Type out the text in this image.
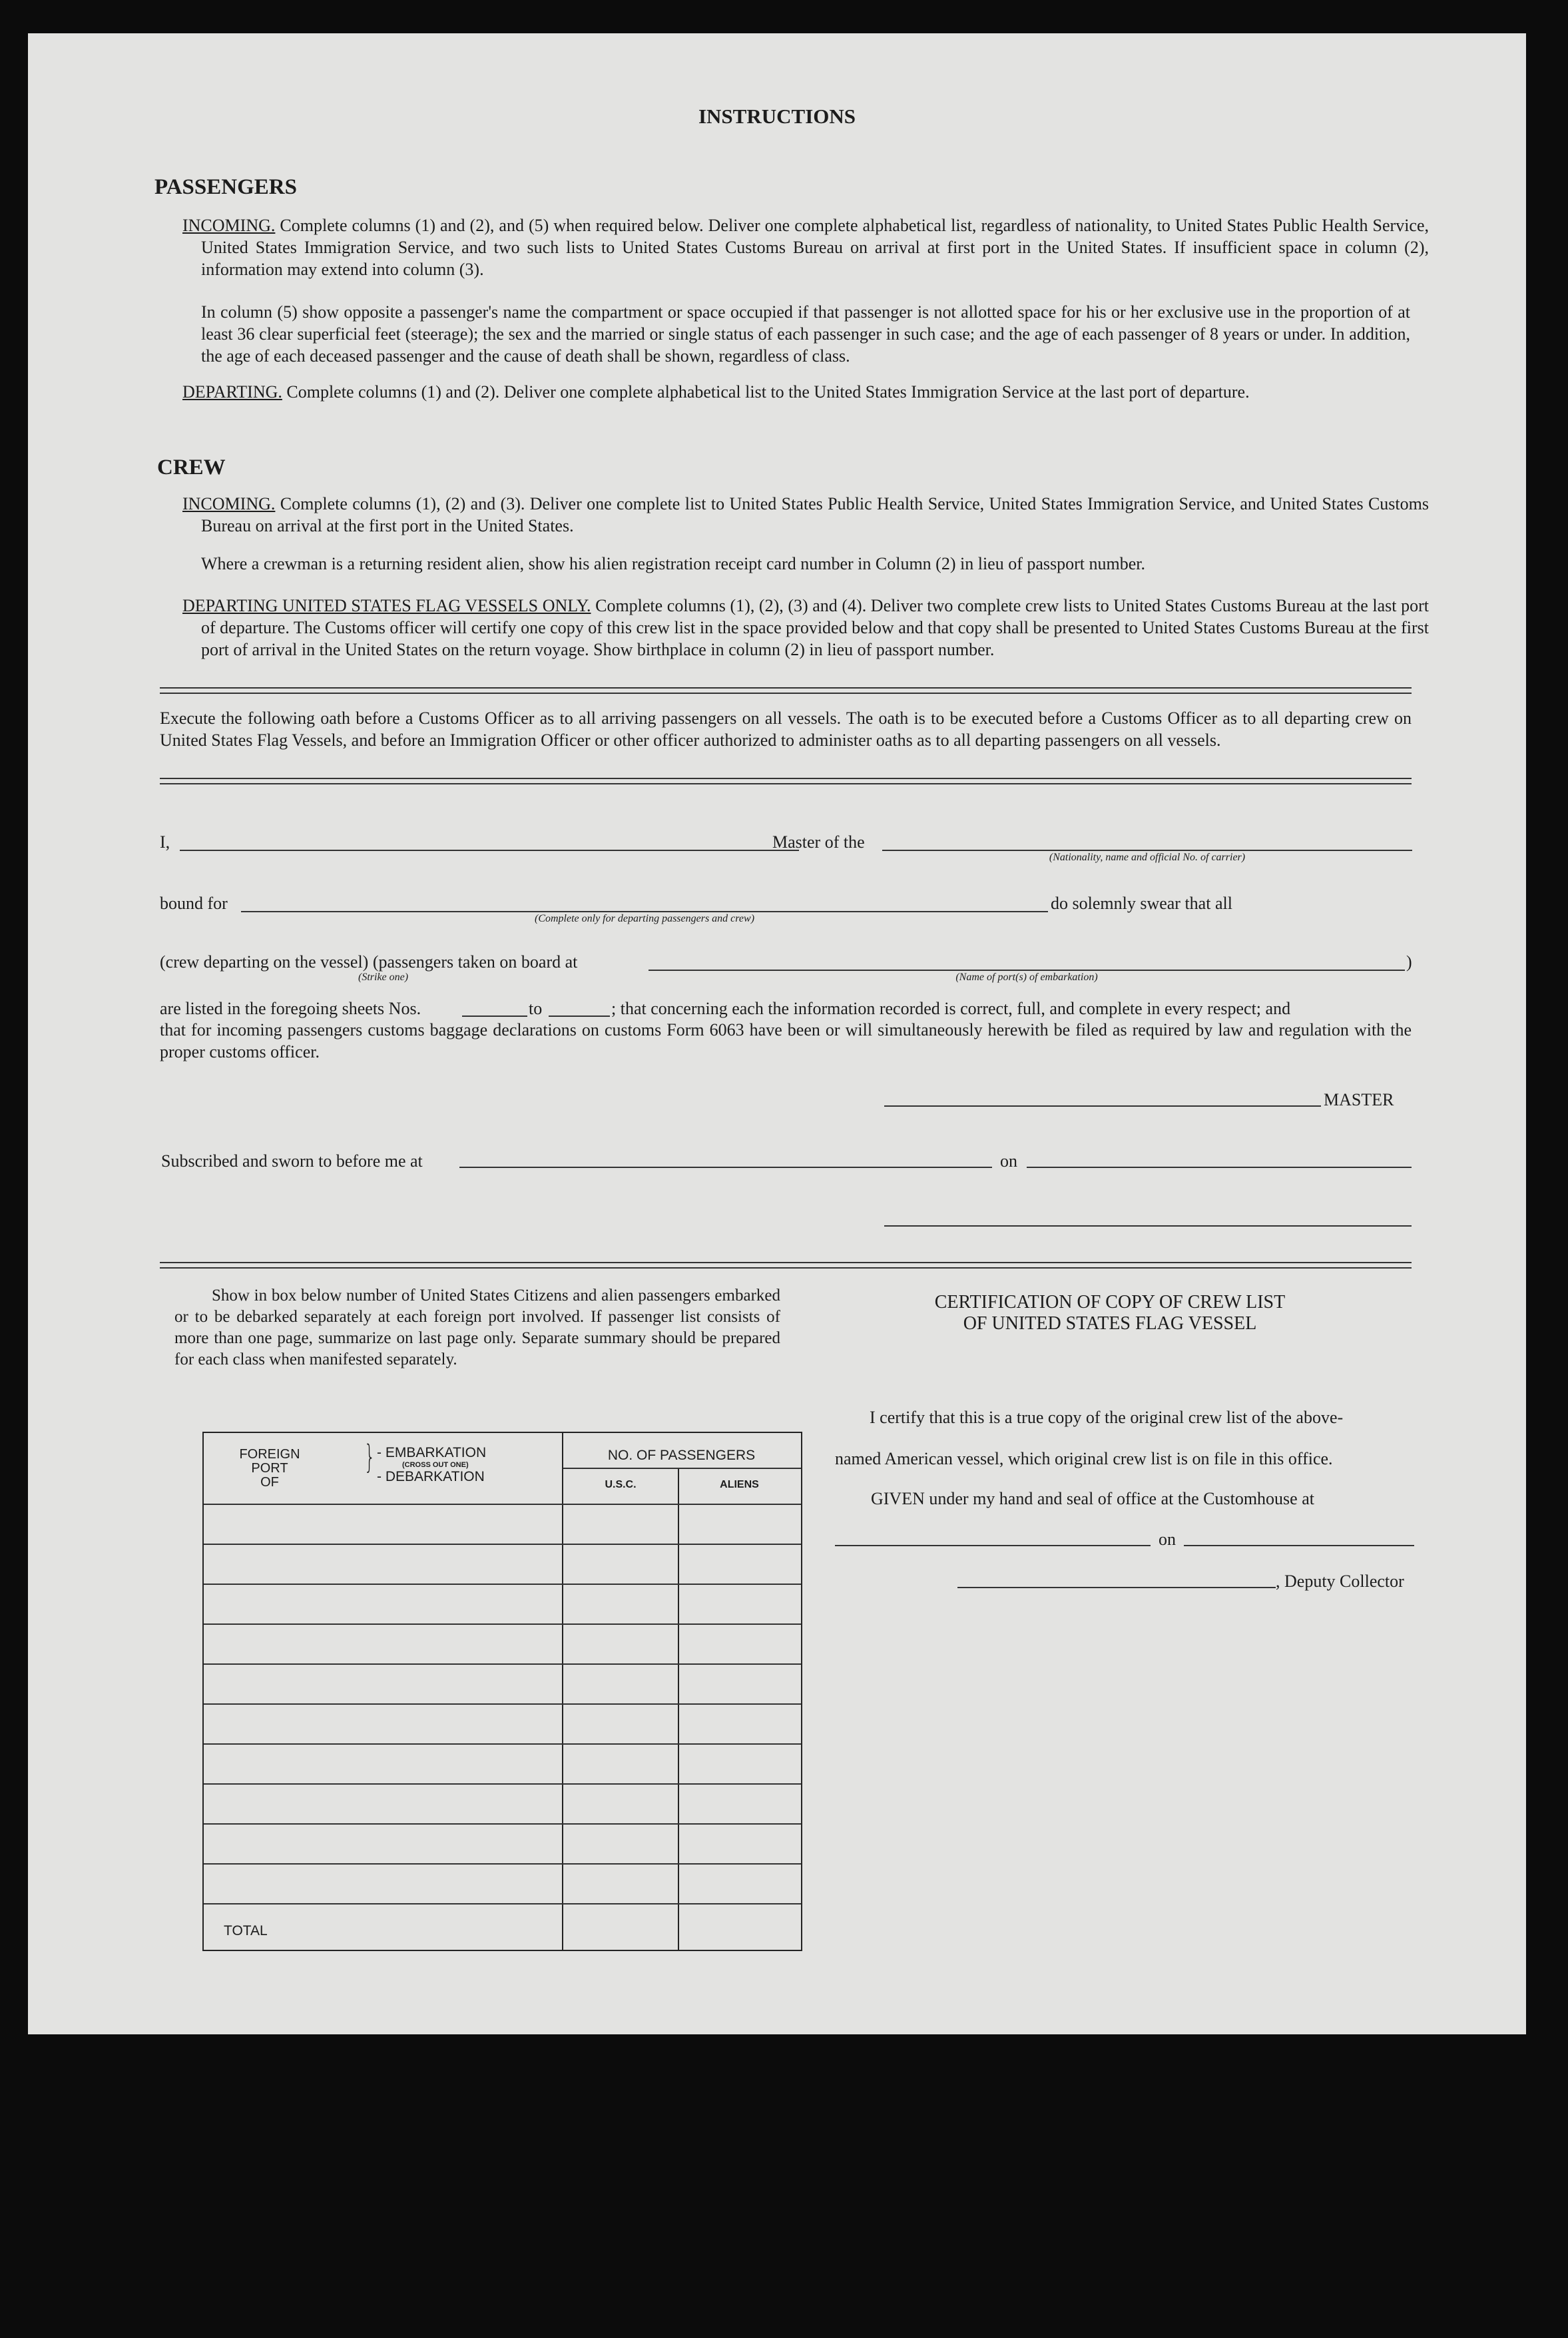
INSTRUCTIONS
PASSENGERS
INCOMING. Complete columns (1) and (2), and (5) when required below. Deliver one complete alphabetical list, regardless of nationality, to United States Public Health Service, United States Immigration Service, and two such lists to United States Customs Bureau on arrival at first port in the United States. If insufficient space in column (2), information may extend into column (3).
In column (5) show opposite a passenger's name the compartment or space occupied if that passenger is not allotted space for his or her exclusive use in the proportion of at least 36 clear superficial feet (steerage); the sex and the married or single status of each passenger in such case; and the age of each passenger of 8 years or under. In addition, the age of each deceased passenger and the cause of death shall be shown, regardless of class.
DEPARTING. Complete columns (1) and (2). Deliver one complete alphabetical list to the United States Immigration Service at the last port of departure.
CREW
INCOMING. Complete columns (1), (2) and (3). Deliver one complete list to United States Public Health Service, United States Immigration Service, and United States Customs Bureau on arrival at the first port in the United States.
Where a crewman is a returning resident alien, show his alien registration receipt card number in Column (2) in lieu of passport number.
DEPARTING UNITED STATES FLAG VESSELS ONLY. Complete columns (1), (2), (3) and (4). Deliver two complete crew lists to United States Customs Bureau at the last port of departure. The Customs officer will certify one copy of this crew list in the space provided below and that copy shall be presented to United States Customs Bureau at the first port of arrival in the United States on the return voyage. Show birthplace in column (2) in lieu of passport number.
Execute the following oath before a Customs Officer as to all arriving passengers on all vessels. The oath is to be executed before a Customs Officer as to all departing crew on United States Flag Vessels, and before an Immigration Officer or other officer authorized to administer oaths as to all departing passengers on all vessels.
I,	Master of the
(Nationality, name and official No. of carrier)
bound for
(Complete only for departing passengers and crew)
do solemnly swear that all
(crew departing on the vessel) (passengers taken on board at
(Strike one)	(Name of port(s) of embarkation)
)
are listed in the foregoing sheets Nos.	to	; that concerning each the information recorded is correct, full, and complete in every respect; and
that for incoming passengers customs baggage declarations on customs Form 6063 have been or will simultaneously herewith be filed as required by law and regulation with the proper customs officer.
MASTER
Subscribed and sworn to before me at	on
Show in box below number of United States Citizens and alien passengers embarked or to be debarked separately at each foreign port involved. If passenger list consists of more than one page, summarize on last page only. Separate summary should be prepared for each class when manifested separately.
FOREIGN
PORT
OF
} - EMBARKATION
(CROSS OUT ONE)
- DEBARKATION
NO. OF PASSENGERS
U.S.C.	ALIENS
TOTAL
CERTIFICATION OF COPY OF CREW LIST
OF UNITED STATES FLAG VESSEL
I certify that this is a true copy of the original crew list of the above-
named American vessel, which original crew list is on file in this office.
GIVEN under my hand and seal of office at the Customhouse at
on
, Deputy Collector
